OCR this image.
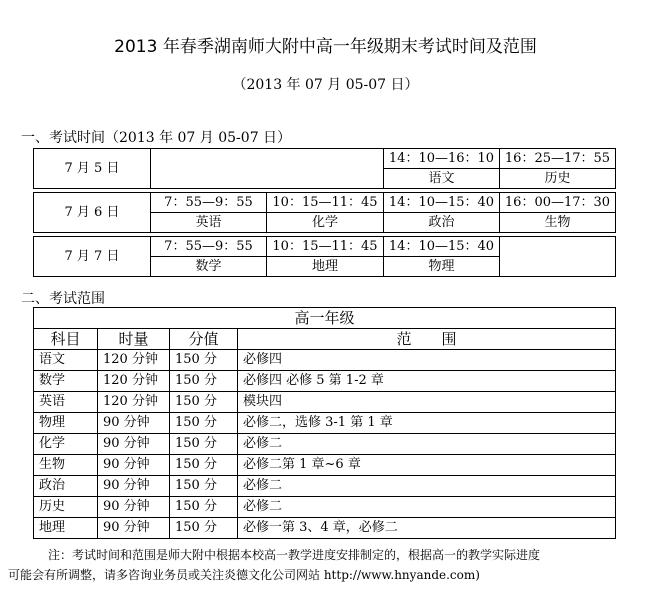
2013 年春季湖南师大附中高一年级期末考试时间及范围
（2013 年 07 月 05-07 日）
一、考试时间（2013 年 07 月 05-07 日）
7 月 5 日			14：10—16：10	16：25—17：55
			语文	历史

7 月 6 日	7：55—9：55	10：15—11：45	14：10—15：40	16：00—17：30
	英语	化学	政治	生物

7 月 7 日	7：55—9：55	10：15—11：45	14：10—15：40	
	数学	地理	物理	
二、考试范围
高一年级			
科目	时量	分值	范　　围
语文	120 分钟	150 分	必修四
数学	120 分钟	150 分	必修四 必修 5 第 1-2 章
英语	120 分钟	150 分	模块四
物理	90 分钟	150 分	必修二，选修 3-1 第 1 章
化学	90 分钟	150 分	必修二
生物	90 分钟	150 分	必修二第 1 章~6 章
政治	90 分钟	150 分	必修二
历史	90 分钟	150 分	必修二
地理	90 分钟	150 分	必修一第 3、4 章，必修二
注：考试时间和范围是师大附中根据本校高一教学进度安排制定的，根据高一的教学实际进度
可能会有所调整，请多咨询业务员或关注炎德文化公司网站 http://www.hnyande.com)
